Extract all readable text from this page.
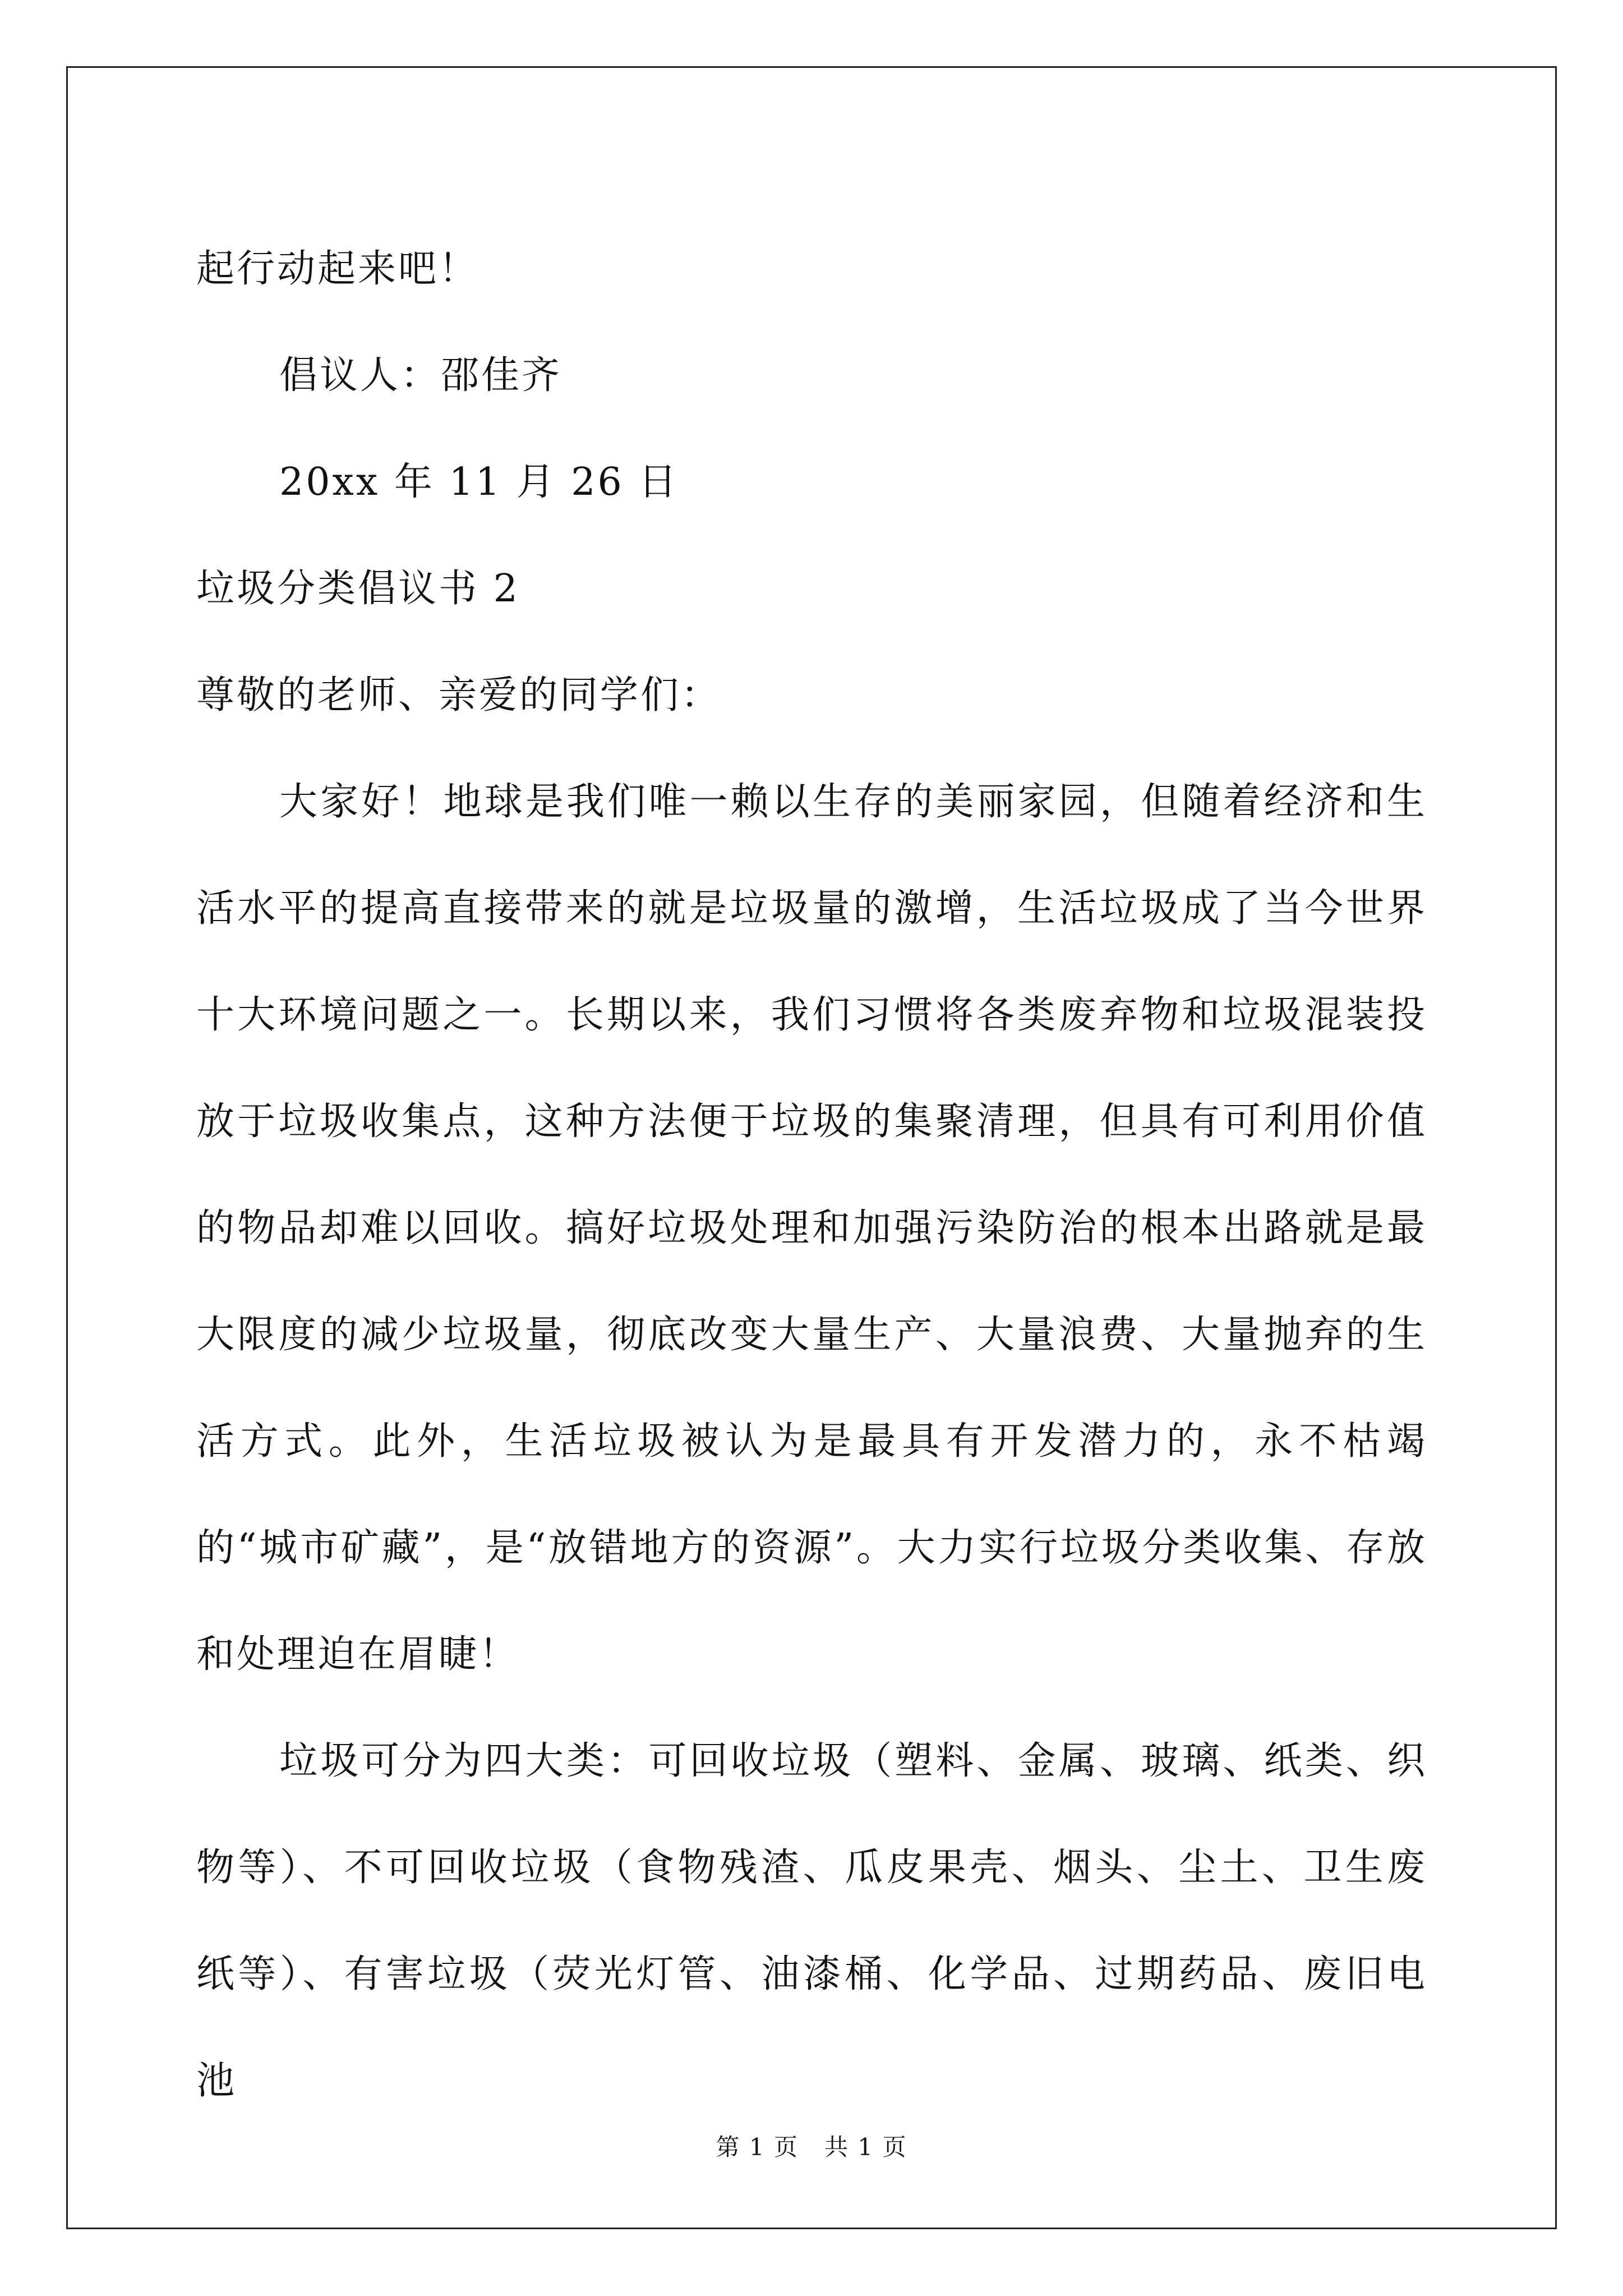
起行动起来吧！
倡议人：邵佳齐
20xx 年 11 月 26 日
垃圾分类倡议书 2
尊敬的老师、亲爱的同学们：
大家好！地球是我们唯一赖以生存的美丽家园，但随着经济和生活水平的提高直接带来的就是垃圾量的激增，生活垃圾成了当今世界十大环境问题之一。长期以来，我们习惯将各类废弃物和垃圾混装投放于垃圾收集点，这种方法便于垃圾的集聚清理，但具有可利用价值的物品却难以回收。搞好垃圾处理和加强污染防治的根本出路就是最大限度的减少垃圾量，彻底改变大量生产、大量浪费、大量抛弃的生活方式。此外，生活垃圾被认为是最具有开发潜力的，永不枯竭的“城市矿藏”，是“放错地方的资源”。大力实行垃圾分类收集、存放和处理迫在眉睫！
垃圾可分为四大类：可回收垃圾（塑料、金属、玻璃、纸类、织物等）、不可回收垃圾（食物残渣、瓜皮果壳、烟头、尘土、卫生废纸等）、有害垃圾（荧光灯管、油漆桶、化学品、过期药品、废旧电池
第 1 页   共 1 页
